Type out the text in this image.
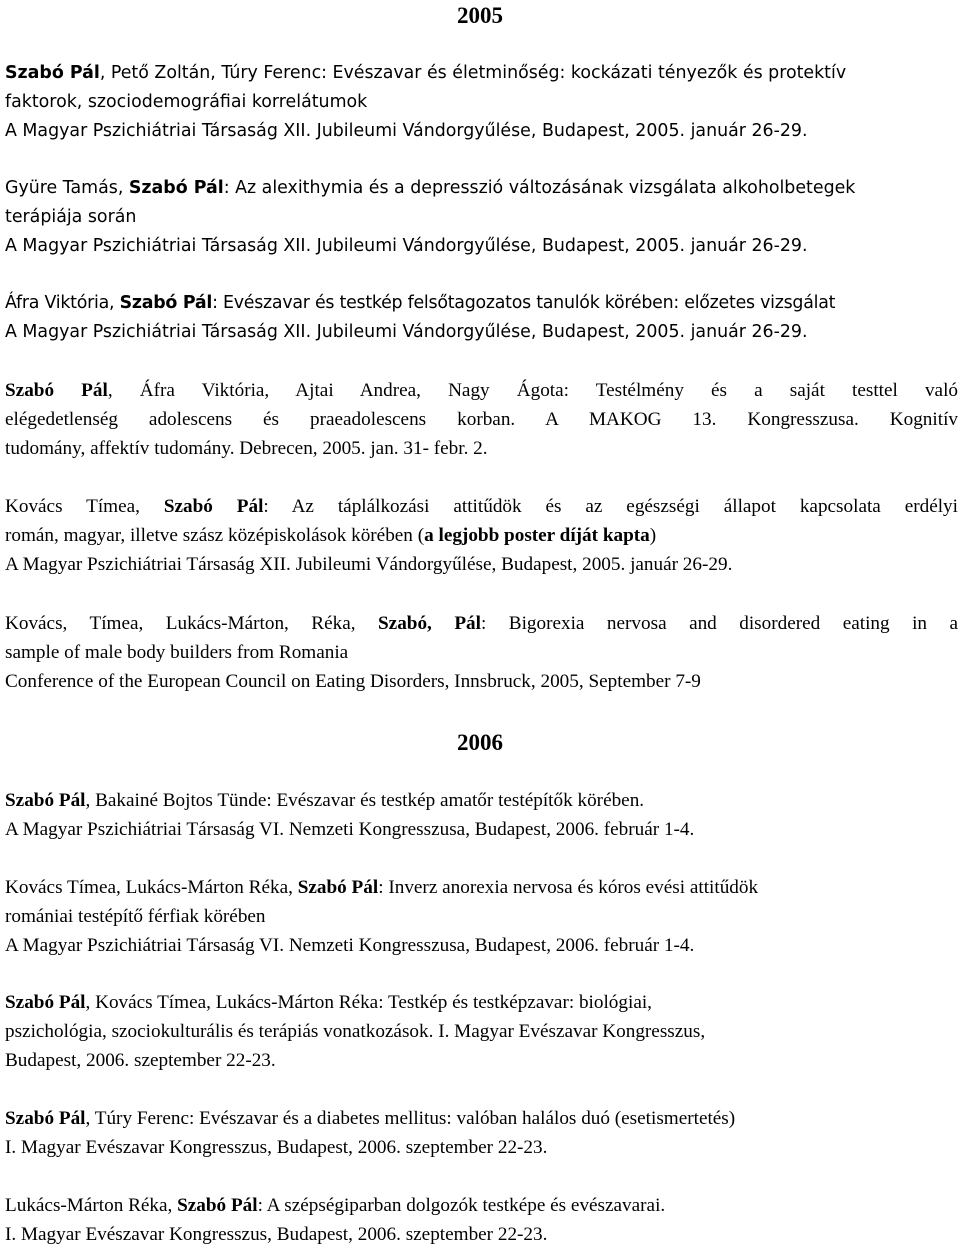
2005

Szabó Pál, Pető Zoltán, Túry Ferenc: Evészavar és életminőség: kockázati tényezők és protektív
faktorok, szociodemográfiai korrelátumok
A Magyar Pszichiátriai Társaság XII. Jubileumi Vándorgyűlése, Budapest, 2005. január 26-29.

Gyüre Tamás, Szabó Pál: Az alexithymia és a depresszió változásának vizsgálata alkoholbetegek
terápiája során
A Magyar Pszichiátriai Társaság XII. Jubileumi Vándorgyűlése, Budapest, 2005. január 26-29.

Áfra Viktória, Szabó Pál: Evészavar és testkép felsőtagozatos tanulók körében: előzetes vizsgálat
A Magyar Pszichiátriai Társaság XII. Jubileumi Vándorgyűlése, Budapest, 2005. január 26-29.

Szabó Pál, Áfra Viktória, Ajtai Andrea, Nagy Ágota: Testélmény és a saját testtel való
elégedetlenség adolescens és praeadolescens korban. A MAKOG 13. Kongresszusa. Kognitív
tudomány, affektív tudomány. Debrecen, 2005. jan. 31- febr. 2.

Kovács Tímea, Szabó Pál: Az táplálkozási attitűdök és az egészségi állapot kapcsolata erdélyi
román, magyar, illetve szász középiskolások körében (a legjobb poster díját kapta)
A Magyar Pszichiátriai Társaság XII. Jubileumi Vándorgyűlése, Budapest, 2005. január 26-29.

Kovács, Tímea, Lukács-Márton, Réka, Szabó, Pál: Bigorexia nervosa and disordered eating in a
sample of male body builders from Romania
Conference of the European Council on Eating Disorders, Innsbruck, 2005, September 7-9

2006

Szabó Pál, Bakainé Bojtos Tünde: Evészavar és testkép amatőr testépítők körében.
A Magyar Pszichiátriai Társaság VI. Nemzeti Kongresszusa, Budapest, 2006. február 1-4.

Kovács Tímea, Lukács-Márton Réka, Szabó Pál: Inverz anorexia nervosa és kóros evési attitűdök
romániai testépítő férfiak körében
A Magyar Pszichiátriai Társaság VI. Nemzeti Kongresszusa, Budapest, 2006. február 1-4.

Szabó Pál, Kovács Tímea, Lukács-Márton Réka: Testkép és testképzavar: biológiai,
pszichológia, szociokulturális és terápiás vonatkozások. I. Magyar Evészavar Kongresszus,
Budapest, 2006. szeptember 22-23.

Szabó Pál, Túry Ferenc: Evészavar és a diabetes mellitus: valóban halálos duó (esetismertetés)
I. Magyar Evészavar Kongresszus, Budapest, 2006. szeptember 22-23.

Lukács-Márton Réka, Szabó Pál: A szépségiparban dolgozók testképe és evészavarai.
I. Magyar Evészavar Kongresszus, Budapest, 2006. szeptember 22-23.
